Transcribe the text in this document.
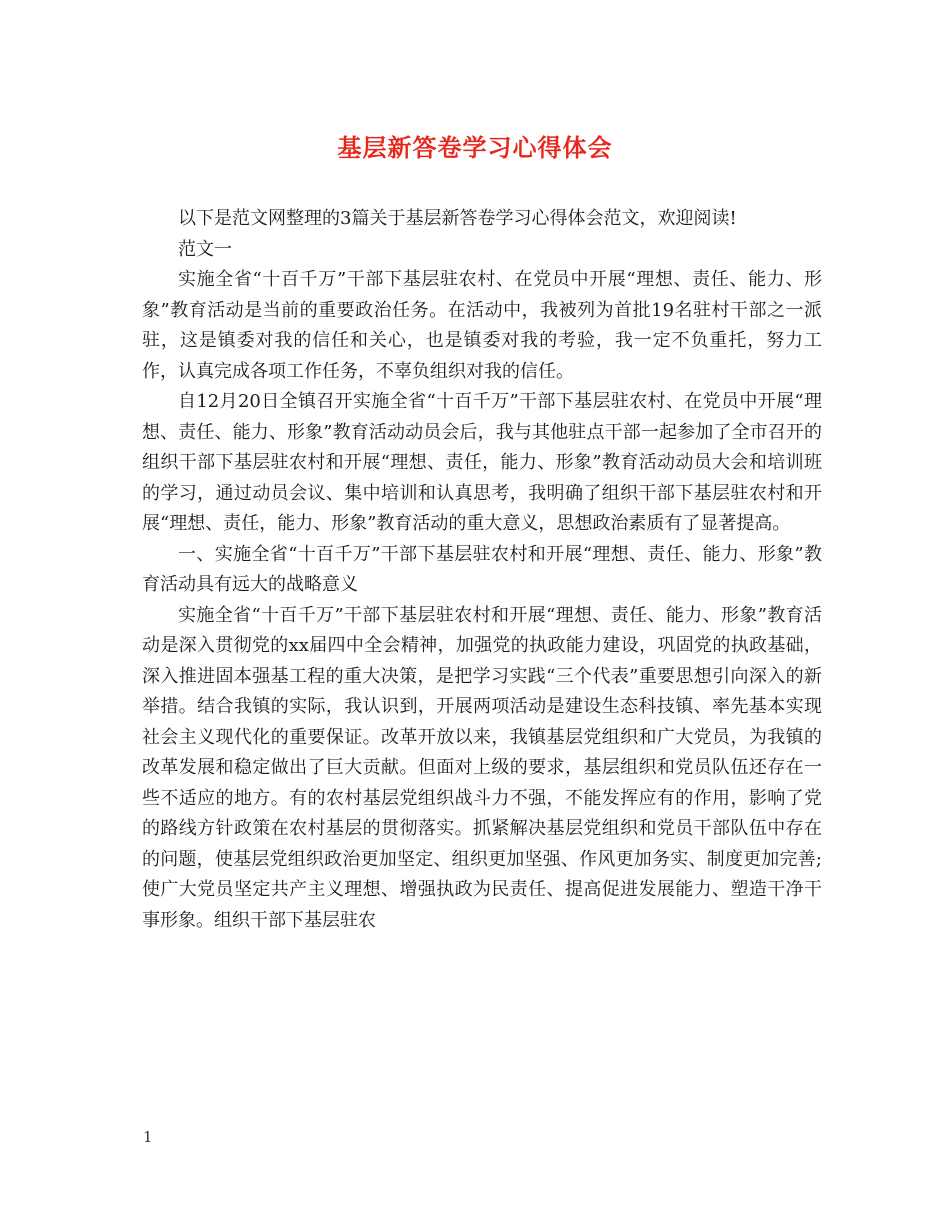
基层新答卷学习心得体会

以下是范文网整理的3篇关于基层新答卷学习心得体会范文，欢迎阅读!

范文一

实施全省“十百千万”干部下基层驻农村、在党员中开展“理想、责任、能力、形象”教育活动是当前的重要政治任务。在活动中，我被列为首批19名驻村干部之一派驻，这是镇委对我的信任和关心，也是镇委对我的考验，我一定不负重托，努力工作，认真完成各项工作任务，不辜负组织对我的信任。

自12月20日全镇召开实施全省“十百千万”干部下基层驻农村、在党员中开展“理想、责任、能力、形象”教育活动动员会后，我与其他驻点干部一起参加了全市召开的组织干部下基层驻农村和开展“理想、责任，能力、形象”教育活动动员大会和培训班的学习，通过动员会议、集中培训和认真思考，我明确了组织干部下基层驻农村和开展“理想、责任，能力、形象”教育活动的重大意义，思想政治素质有了显著提高。

一、实施全省“十百千万”干部下基层驻农村和开展“理想、责任、能力、形象”教育活动具有远大的战略意义

实施全省“十百千万”干部下基层驻农村和开展“理想、责任、能力、形象”教育活动是深入贯彻党的xx届四中全会精神，加强党的执政能力建设，巩固党的执政基础，深入推进固本强基工程的重大决策，是把学习实践“三个代表”重要思想引向深入的新举措。结合我镇的实际，我认识到，开展两项活动是建设生态科技镇、率先基本实现社会主义现代化的重要保证。改革开放以来，我镇基层党组织和广大党员，为我镇的改革发展和稳定做出了巨大贡献。但面对上级的要求，基层组织和党员队伍还存在一些不适应的地方。有的农村基层党组织战斗力不强，不能发挥应有的作用，影响了党的路线方针政策在农村基层的贯彻落实。抓紧解决基层党组织和党员干部队伍中存在的问题，使基层党组织政治更加坚定、组织更加坚强、作风更加务实、制度更加完善;使广大党员坚定共产主义理想、增强执政为民责任、提高促进发展能力、塑造干净干事形象。组织干部下基层驻农

1
